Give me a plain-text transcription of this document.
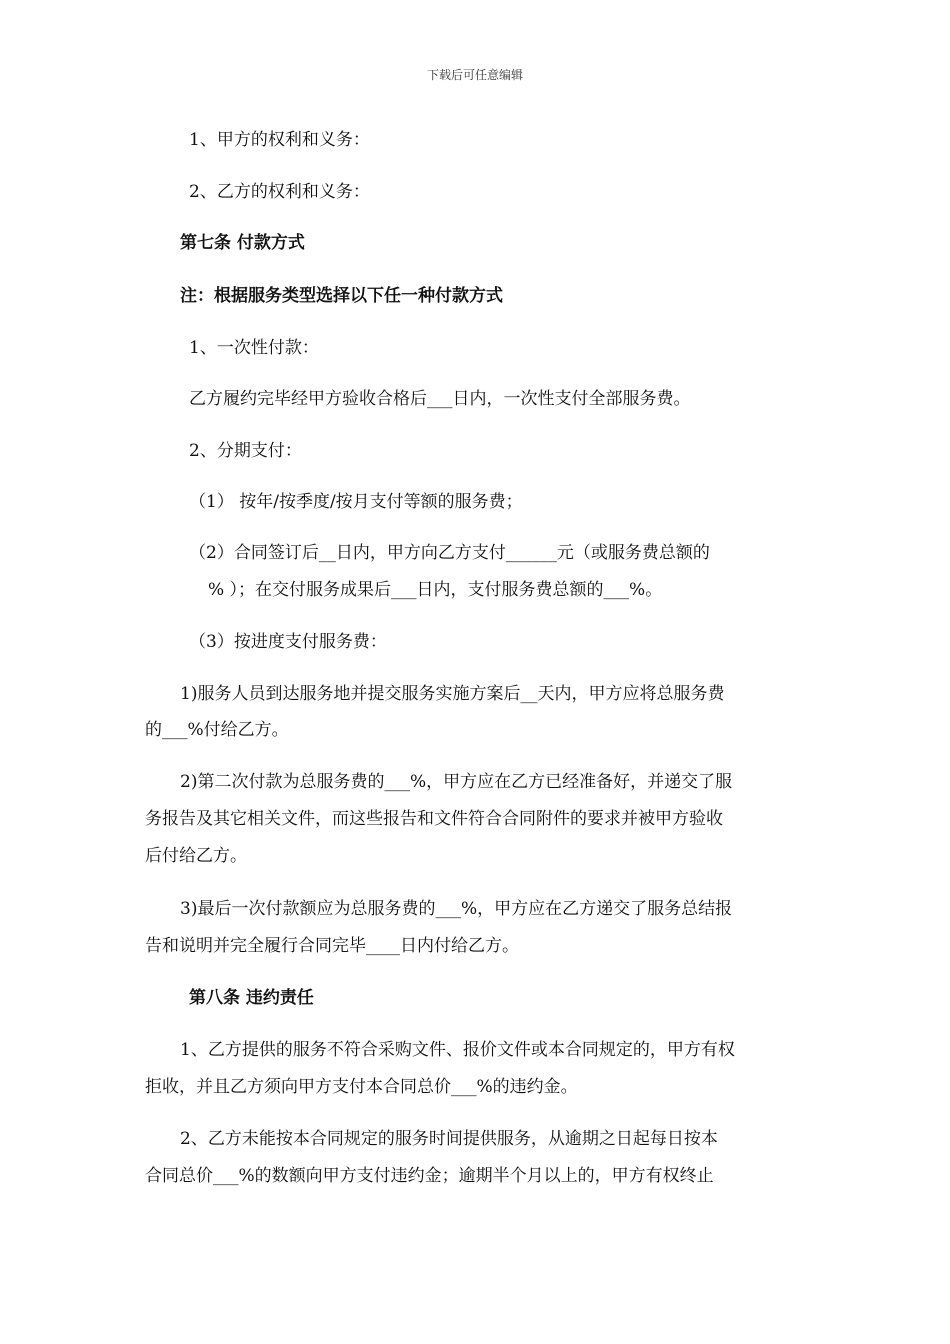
下载后可任意编辑
1、甲方的权利和义务：
2、乙方的权利和义务：
第七条 付款方式
注：根据服务类型选择以下任一种付款方式
1、一次性付款：
乙方履约完毕经甲方验收合格后___日内，一次性支付全部服务费。
2、分期支付：
（1） 按年/按季度/按月支付等额的服务费；
（2）合同签订后__日内，甲方向乙方支付______元（或服务费总额的
% ）；在交付服务成果后___日内，支付服务费总额的___%。
（3）按进度支付服务费：
1)服务人员到达服务地并提交服务实施方案后__天内，甲方应将总服务费
的___%付给乙方。
2)第二次付款为总服务费的___%，甲方应在乙方已经准备好，并递交了服
务报告及其它相关文件，而这些报告和文件符合合同附件的要求并被甲方验收
后付给乙方。
3)最后一次付款额应为总服务费的___%，甲方应在乙方递交了服务总结报
告和说明并完全履行合同完毕____日内付给乙方。
第八条 违约责任
1、乙方提供的服务不符合采购文件、报价文件或本合同规定的，甲方有权
拒收，并且乙方须向甲方支付本合同总价___%的违约金。
2、乙方未能按本合同规定的服务时间提供服务，从逾期之日起每日按本
合同总价___%的数额向甲方支付违约金；逾期半个月以上的，甲方有权终止
